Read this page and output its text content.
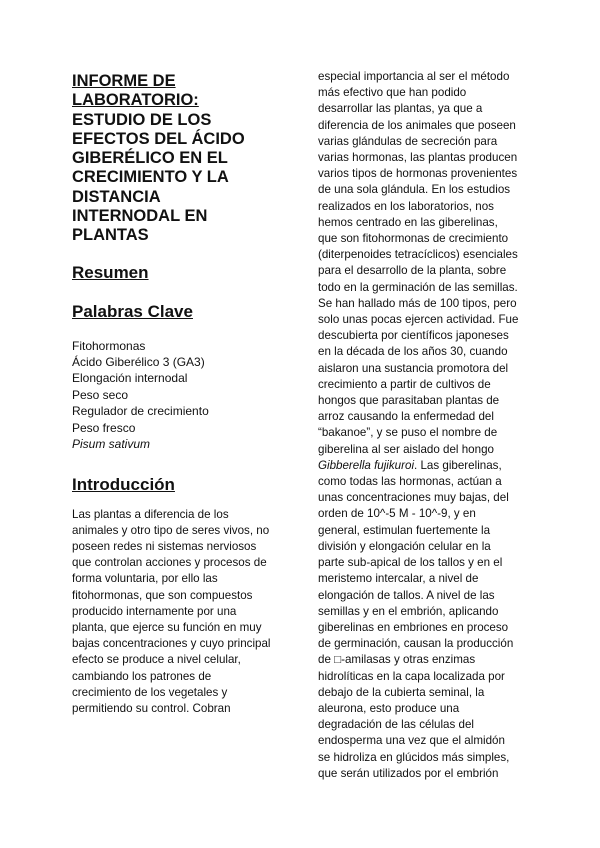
INFORME DE

LABORATORIO:

ESTUDIO DE LOS

EFECTOS DEL ÁCIDO

GIBERÉLICO EN EL

CRECIMIENTO Y LA

DISTANCIA

INTERNODAL EN

PLANTAS

Resumen
Palabras Clave

Fitohormonas

Ácido Giberélico 3 (GA3)

Elongación internodal

Peso seco

Regulador de crecimiento

Peso fresco

Pisum sativum

Introducción
Las plantas a diferencia de los
animales y otro tipo de seres vivos, no
poseen redes ni sistemas nerviosos
que controlan acciones y procesos de
forma voluntaria, por ello las
fitohormonas, que son compuestos
producido internamente por una
planta, que ejerce su función en muy
bajas concentraciones y cuyo principal
efecto se produce a nivel celular,
cambiando los patrones de
crecimiento de los vegetales y
permitiendo su control. Cobran
especial importancia al ser el método
más efectivo que han podido
desarrollar las plantas, ya que a
diferencia de los animales que poseen
varias glándulas de secreción para
varias hormonas, las plantas producen
varios tipos de hormonas provenientes
de una sola glándula. En los estudios
realizados en los laboratorios, nos
hemos centrado en las giberelinas,
que son fitohormonas de crecimiento
(diterpenoides tetracíclicos) esenciales
para el desarrollo de la planta, sobre
todo en la germinación de las semillas.
Se han hallado más de 100 tipos, pero
solo unas pocas ejercen actividad. Fue
descubierta por científicos japoneses
en la década de los años 30, cuando
aislaron una sustancia promotora del
crecimiento a partir de cultivos de
hongos que parasitaban plantas de
arroz causando la enfermedad del
“bakanoe”, y se puso el nombre de
giberelina al ser aislado del hongo
Gibberella fujikuroi. Las giberelinas,
como todas las hormonas, actúan a
unas concentraciones muy bajas, del
orden de 10^-5 M - 10^-9, y en
general, estimulan fuertemente la
división y elongación celular en la
parte sub-apical de los tallos y en el
meristemo intercalar, a nivel de
elongación de tallos. A nivel de las
semillas y en el embrión, aplicando
giberelinas en embriones en proceso
de germinación, causan la producción
de □-amilasas y otras enzimas
hidrolíticas en la capa localizada por
debajo de la cubierta seminal, la
aleurona, esto produce una
degradación de las células del
endosperma una vez que el almidón
se hidroliza en glúcidos más simples,
que serán utilizados por el embrión
